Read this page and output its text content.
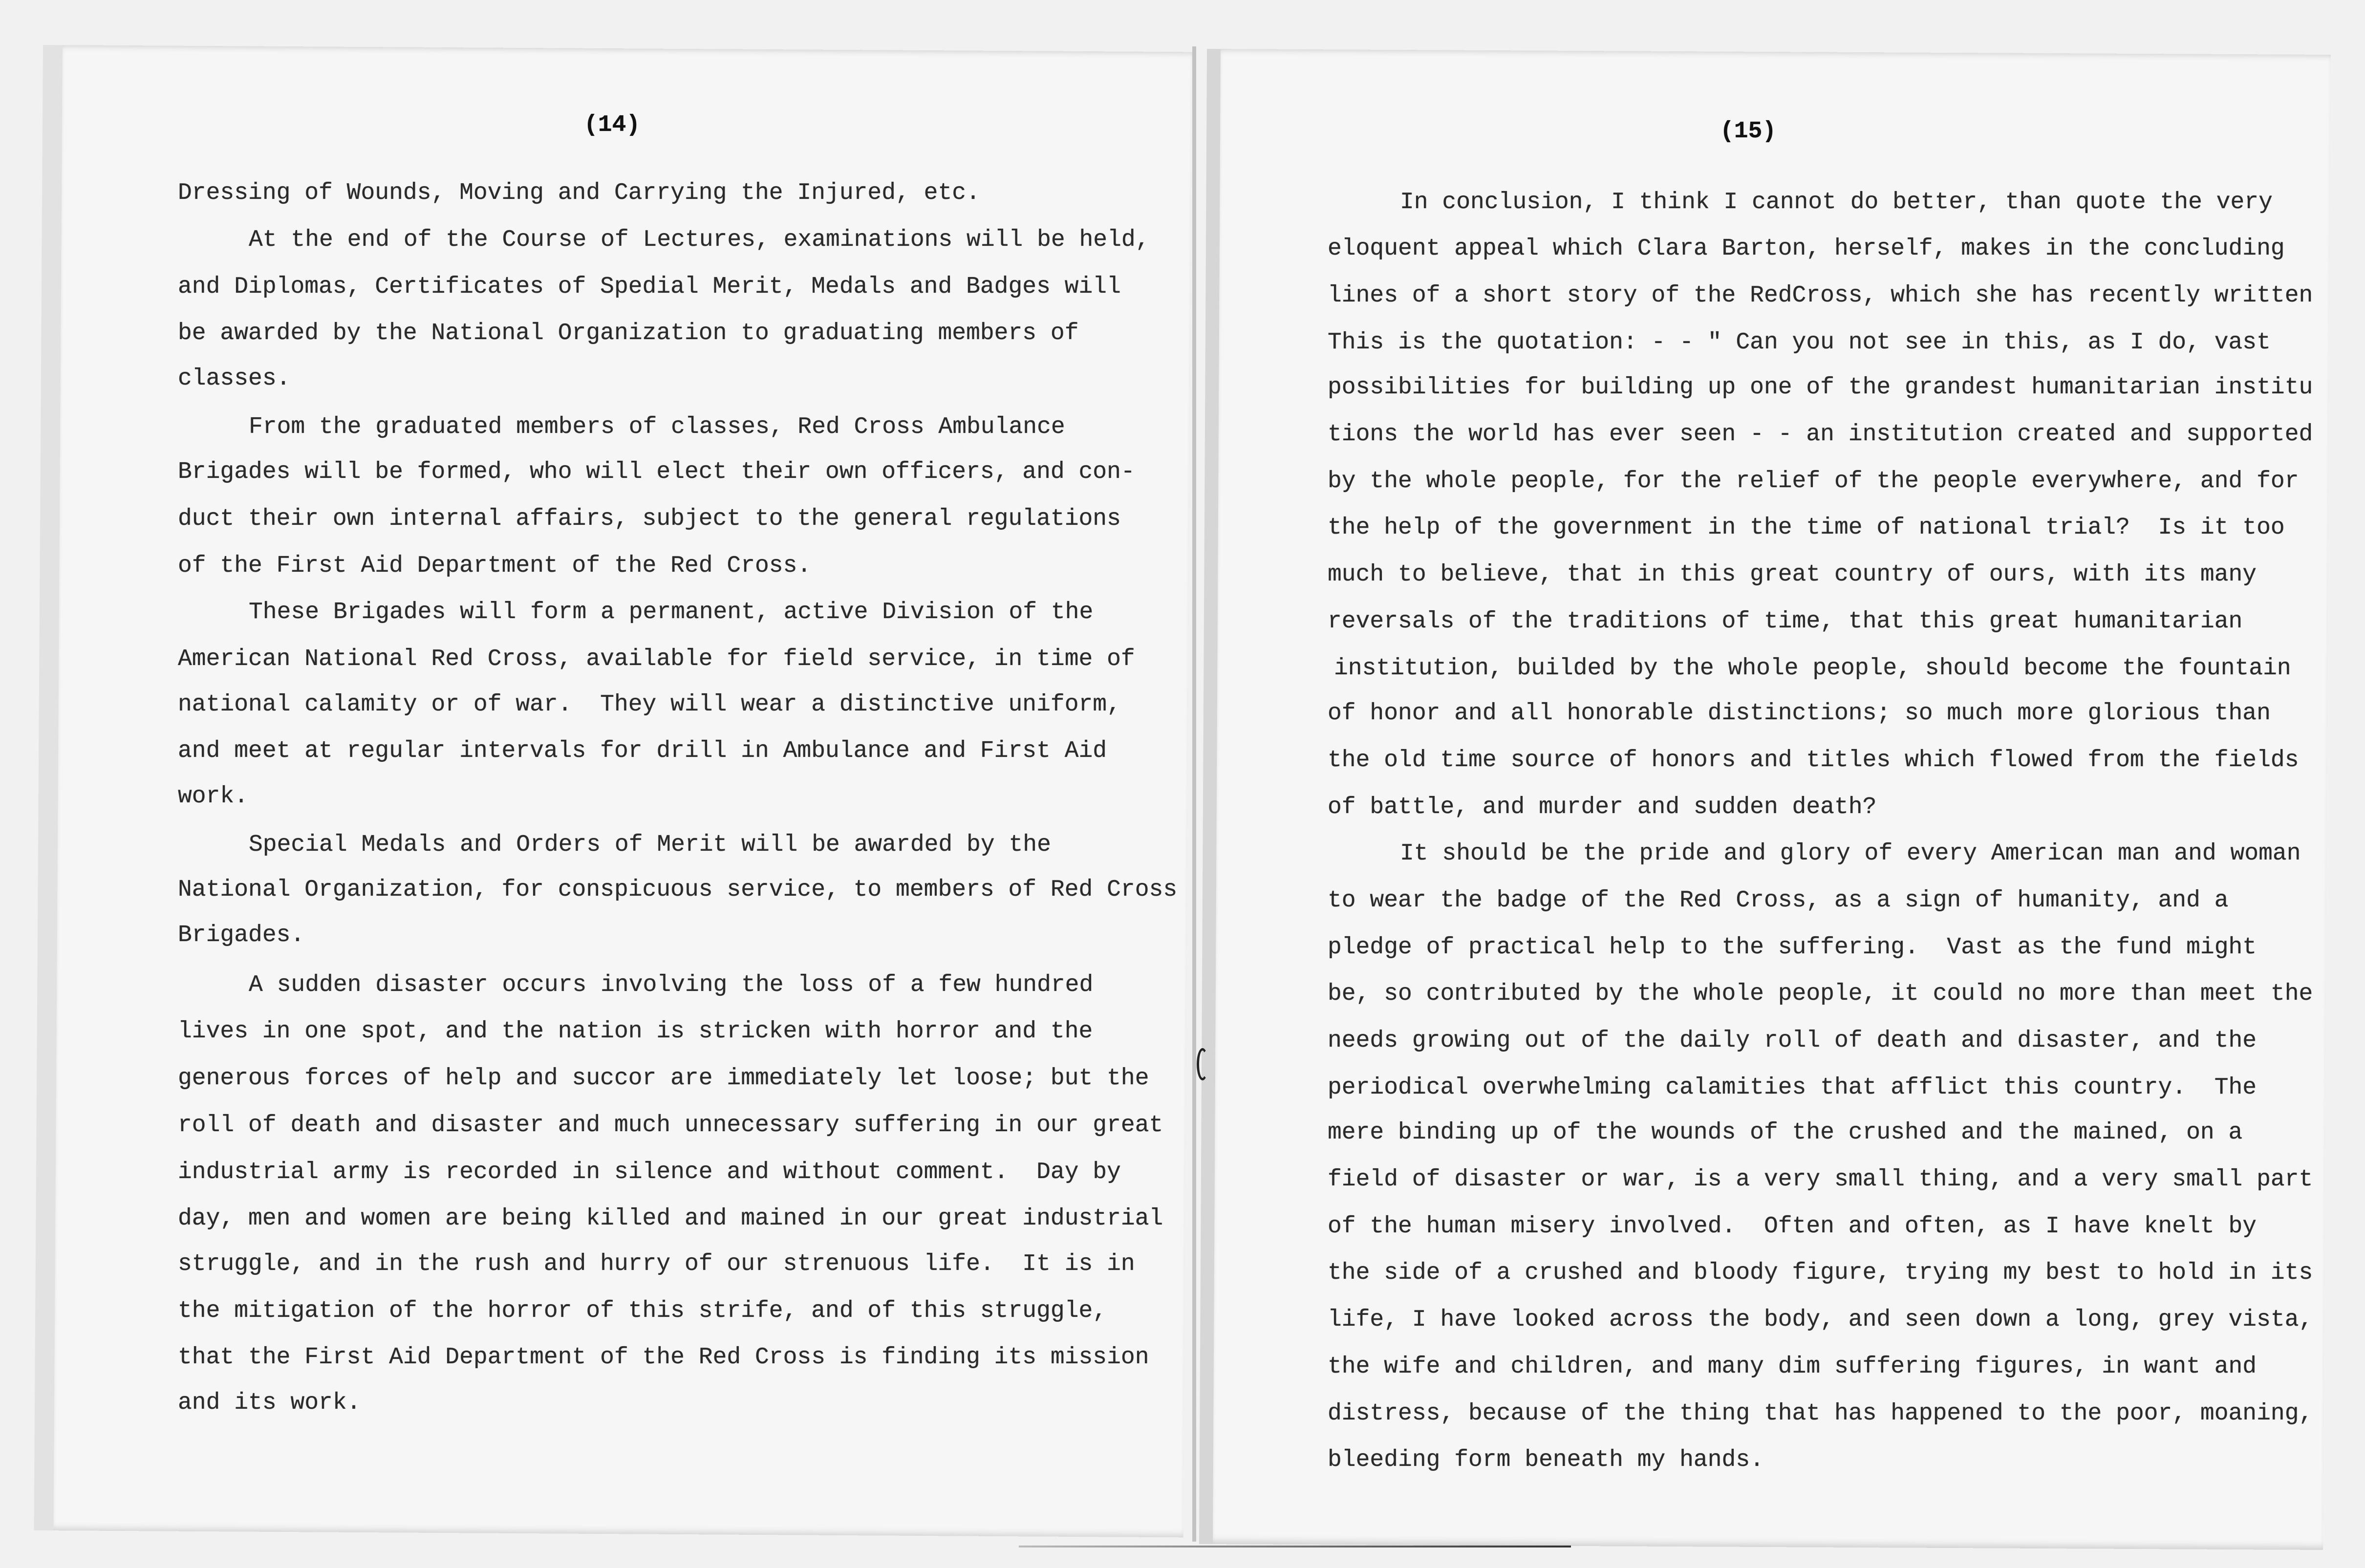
(14)
Dressing of Wounds, Moving and Carrying the Injured, etc.
At the end of the Course of Lectures, examinations will be held,
and Diplomas, Certificates of Spedial Merit, Medals and Badges will
be awarded by the National Organization to graduating members of
classes.
From the graduated members of classes, Red Cross Ambulance
Brigades will be formed, who will elect their own officers, and con-
duct their own internal affairs, subject to the general regulations
of the First Aid Department of the Red Cross.
These Brigades will form a permanent, active Division of the
American National Red Cross, available for field service, in time of
national calamity or of war.  They will wear a distinctive uniform,
and meet at regular intervals for drill in Ambulance and First Aid
work.
Special Medals and Orders of Merit will be awarded by the
National Organization, for conspicuous service, to members of Red Cross
Brigades.
A sudden disaster occurs involving the loss of a few hundred
lives in one spot, and the nation is stricken with horror and the
generous forces of help and succor are immediately let loose; but the
roll of death and disaster and much unnecessary suffering in our great
industrial army is recorded in silence and without comment.  Day by
day, men and women are being killed and mained in our great industrial
struggle, and in the rush and hurry of our strenuous life.  It is in
the mitigation of the horror of this strife, and of this struggle,
that the First Aid Department of the Red Cross is finding its mission
and its work.
(15)
In conclusion, I think I cannot do better, than quote the very
eloquent appeal which Clara Barton, herself, makes in the concluding
lines of a short story of the RedCross, which she has recently written
This is the quotation: - - " Can you not see in this, as I do, vast
possibilities for building up one of the grandest humanitarian institu
tions the world has ever seen - - an institution created and supported
by the whole people, for the relief of the people everywhere, and for
the help of the government in the time of national trial?  Is it too
much to believe, that in this great country of ours, with its many
reversals of the traditions of time, that this great humanitarian
institution, builded by the whole people, should become the fountain
of honor and all honorable distinctions; so much more glorious than
the old time source of honors and titles which flowed from the fields
of battle, and murder and sudden death?
It should be the pride and glory of every American man and woman
to wear the badge of the Red Cross, as a sign of humanity, and a
pledge of practical help to the suffering.  Vast as the fund might
be, so contributed by the whole people, it could no more than meet the
needs growing out of the daily roll of death and disaster, and the
periodical overwhelming calamities that afflict this country.  The
mere binding up of the wounds of the crushed and the mained, on a
field of disaster or war, is a very small thing, and a very small part
of the human misery involved.  Often and often, as I have knelt by
the side of a crushed and bloody figure, trying my best to hold in its
life, I have looked across the body, and seen down a long, grey vista,
the wife and children, and many dim suffering figures, in want and
distress, because of the thing that has happened to the poor, moaning,
bleeding form beneath my hands.
